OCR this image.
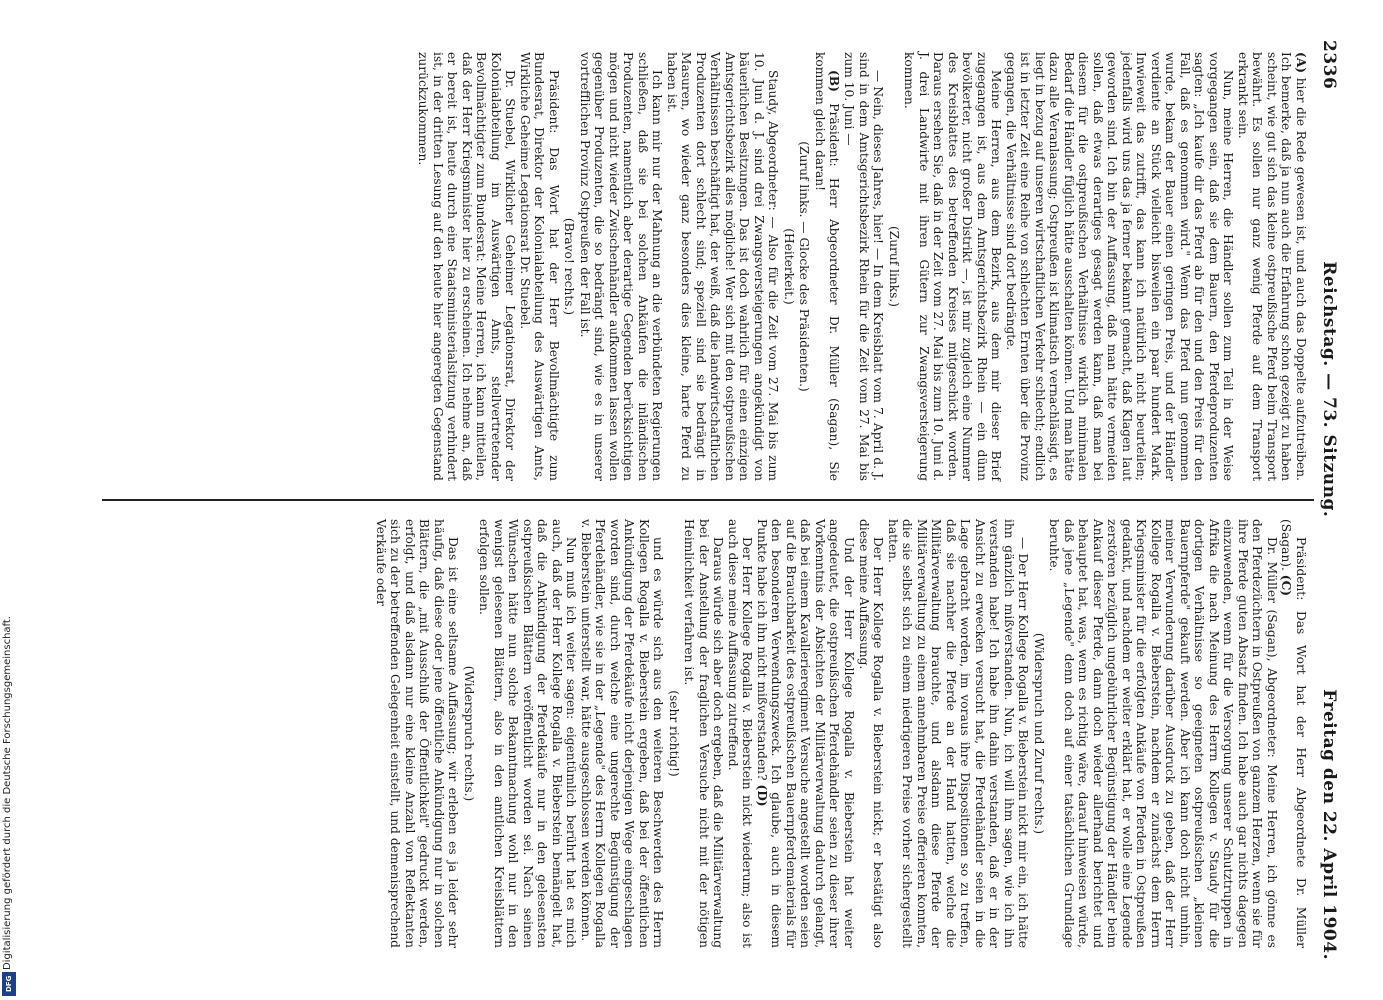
Digitalisierung gefördert durch die Deutsche Forschungsgemeinschaft.
DFG
2336
Reichstag. — 73. Sitzung.
Freitag den 22. April 1904.

(A) hier die Rede gewesen ist, und auch das Doppelte aufzutreiben. Ich bemerke, daß ja nun auch die Erfahrung schon gezeigt zu haben scheint, wie gut sich das kleine ostpreußische Pferd beim Transport bewährt. Es sollen nur ganz wenig Pferde auf dem Transport erkrankt sein.

Nun, meine Herren, die Händler sollen zum Teil in der Weise vorgegangen sein, daß sie dem Bauern, den Pferdeproduzenten sagten: „Ich kaufe dir das Pferd ab für den und den Preis für den Fall, daß es genommen wird." Wenn das Pferd nun genommen wurde, bekam der Bauer einen geringen Preis, und der Händler verdiente an Stück vielleicht bisweilen ein paar hundert Mark. Inwieweit das zutrifft, das kann ich natürlich nicht beurteilen; jedenfalls wird uns das ja ferner bekannt gemacht, daß Klagen laut geworden sind. Ich bin der Auffassung, daß man hätte vermeiden sollen, daß etwas derartiges gesagt werden kann, daß man bei diesem für die ostpreußischen Verhältnisse wirklich minimalen Bedarf die Händler füglich hätte ausschalten können. Und man hätte dazu alle Veranlassung; Ostpreußen ist klimatisch vernachlässigt, es liegt in bezug auf unseren wirtschaftlichen Verkehr schlecht; endlich ist in letzter Zeit eine Reihe von schlechten Ernten über die Provinz gegangen, die Verhältnisse sind dort bedrängte.

Meine Herren, aus dem Bezirk, aus dem mir dieser Brief zugegangen ist, aus dem Amtsgerichtsbezirk Rhein — ein dünn bevölkerter, nicht großer Distrikt —, ist mir zugleich eine Nummer des Kreisblattes des betreffenden Kreises mitgeschickt worden. Daraus ersehen Sie, daß in der Zeit vom 27. Mai bis zum 10. Juni d. J. drei Landwirte mit ihren Gütern zur Zwangsversteigerung kommen.

(Zuruf links.)

— Nein, dieses Jahres, hier! — In dem Kreisblatt vom 7. April d. J. sind in dem Amtsgerichtsbezirk Rhein für die Zeit vom 27. Mai bis zum 10. Juni —

(B) Präsident: Herr Abgeordneter Dr. Müller (Sagan), Sie kommen gleich daran!

(Zuruf links. — Glocke des Präsidenten.)

(Heiterkeit.)

Staudy, Abgeordneter: — Also für die Zeit vom 27. Mai bis zum 10. Juni d. J. sind drei Zwangsversteigerungen angekündigt von bäuerlichen Besitzungen. Das ist doch wahrlich für einen einzigen Amtsgerichtsbezirk alles mögliche! Wer sich mit den ostpreußischen Verhältnissen beschäftigt hat, der weiß, daß die landwirtschaftlichen Produzenten dort schlecht sind; speziell sind sie bedrängt in Masuren, wo wieder ganz besonders dies kleine, harte Pferd zu haben ist.

Ich kann mir nur der Mahnung an die verbündeten Regierungen schließen, daß sie bei solchen Ankäufen die inländischen Produzenten, namentlich aber derartige Gegenden berücksichtigen mögen und nicht wieder Zwischenhändler aufkommen lassen wollen gegenüber Produzenten, die so bedrängt sind, wie es in unserer vortrefflichen Provinz Ostpreußen der Fall ist.

(Bravo! rechts.)

Präsident: Das Wort hat der Herr Bevollmächtigte zum Bundesrat, Direktor der Kolonialabteilung des Auswärtigen Amts, Wirkliche Geheime Legationsrat Dr. Stuebel.

Dr. Stuebel, Wirklicher Geheimer Legationsrat, Direktor der Kolonialabteilung im Auswärtigen Amts, stellvertretender Bevollmächtigter zum Bundesrat: Meine Herren, ich kann mitteilen, daß der Herr Kriegsminister hier zu erscheinen. Ich nehme an, daß er bereit ist, heute durch eine Staatsministerialsitzung verhindert ist, in der dritten Lesung auf den heute hier angeregten Gegenstand zurückzukommen.

Präsident: Das Wort hat der Herr Abgeordnete Dr. Müller (Sagan). (C)

Dr. Müller (Sagan), Abgeordneter: Meine Herren, ich gönne es den Pferdezüchtern in Ostpreußen von ganzem Herzen, wenn sie für ihre Pferde guten Absatz finden. Ich habe auch gar nichts dagegen einzuwenden, wenn für die Versorgung unserer Schutztruppen in Afrika die nach Meinung des Herrn Kollegen v. Staudy für die dortigen Verhältnisse so geeigneten ostpreußischen „kleinen Bauernpferde" gekauft werden. Aber ich kann doch nicht umhin, meiner Verwunderung darüber Ausdruck zu geben, daß der Herr Kollege Rogalla v. Bieberstein, nachdem er zunächst dem Herrn Kriegsminister für die erfolgten Ankäufe von Pferden in Ostpreußen gedankt, und nachdem er weiter erklärt hat, er wolle eine Legende zerstören bezüglich ungebührlicher Begünstigung der Händler beim Ankauf dieser Pferde, dann doch wieder allerhand berichtet und behauptet hat, was, wenn es richtig wäre, darauf hinweisen würde, daß jene „Legende" denn doch auf einer tatsächlichen Grundlage beruhte.

(Widerspruch und Zuruf rechts.)

— Der Herr Kollege Rogalla v. Bieberstein nickt mir ein, ich hätte ihn gänzlich mißverstanden. Nun, ich will ihm sagen, wie ich ihn verstanden habe! Ich habe ihn dahin verstanden, daß er in der Ansicht zu erwecken versucht hat, die Pferdehändler seien in die Lage gebracht worden, im voraus ihre Dispositionen so zu treffen, daß sie nachher die Pferde an der Hand hatten, welche die Militärverwaltung brauchte, und alsdann diese Pferde der Militärverwaltung zu einem annehmbaren Preise offerieren konnten, die sie selbst sich zu einem niedrigeren Preise vorher sichergestellt hatten.

Der Herr Kollege Rogalla v. Bieberstein nickt; er bestätigt also diese meine Auffassung.

Und der Herr Kollege Rogalla v. Bieberstein hat weiter angedeutet, die ostpreußischen Pferdehändler seien zu dieser ihrer Vorkenntnis der Absichten der Militärverwaltung dadurch gelangt, daß bei einem Kavallerieregiment Versuche angestellt worden seien auf die Brauchbarkeit des ostpreußischen Bauernpferdematerials für den besonderen Verwendungszweck. Ich glaube, auch in diesem Punkte habe ich ihn nicht mißverstanden? (D)

Der Herr Kollege Rogalla v. Bieberstein nickt wiederum; also ist auch diese meine Auffassung zutreffend.

Daraus würde sich aber doch ergeben, daß die Militärverwaltung bei der Anstellung der fraglichen Versuche nicht mit der nötigen Heimlichkeit verfahren ist.

(sehr richtig!)

und es würde sich aus den weiteren Beschwerden des Herrn Kollegen Rogalla v. Bieberstein ergeben, daß bei der öffentlichen Ankündigung der Pferdekäufe nicht derjenigen Wege eingeschlagen worden sind, durch welche eine ungerechte Begünstigung der Pferdehändler, wie sie in der „Legende" des Herrn Kollegen Rogalla v. Bieberstein unterstellt war, hätte ausgeschlossen werden können.

Nun muß ich weiter sagen: eigentümlich berührt hat es mich auch, daß der Herr Kollege Rogalla v. Bieberstein bemängelt hat, daß die Ankündigung der Pferdekäufe nur in den gelesensten ostpreußischen Blättern veröffentlicht worden sei. Nach seinen Wünschen hätte nun solche Bekanntmachung wohl nur in den wenigst gelesenen Blättern, also in den amtlichen Kreisblättern erfolgen sollen.

(Widerspruch rechts.)

Das ist eine seltsame Auffassung; wir erleben es ja leider sehr häufig, daß diese oder jene öffentliche Ankündigung nur in solchen Blättern, die „mit Ausschluß der Öffentlichkeit" gedruckt werden, erfolgt, und daß alsdann nur eine kleine Anzahl von Reflektanten sich zu der betreffenden Gelegenheit einstellt, und demenisprechend Verkäufe oder
